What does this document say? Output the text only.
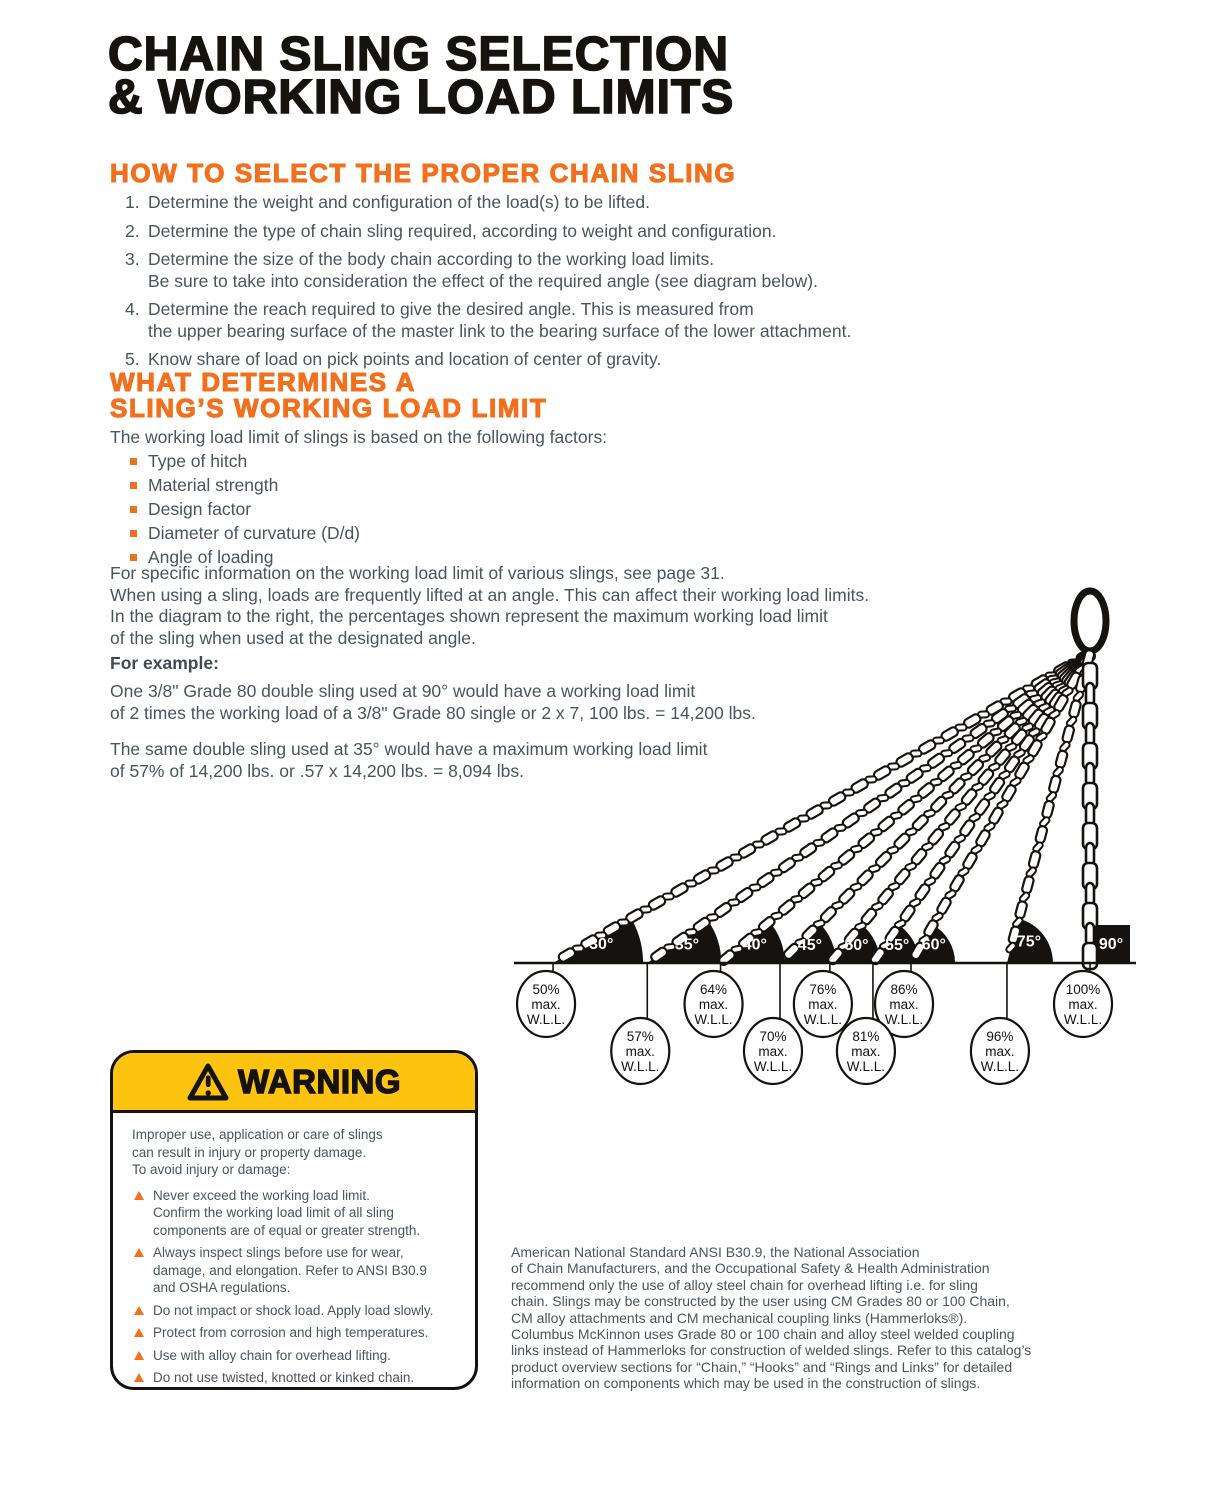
CHAIN SLING SELECTION
& WORKING LOAD LIMITS
HOW TO SELECT THE PROPER CHAIN SLING
1. Determine the weight and configuration of the load(s) to be lifted.
2. Determine the type of chain sling required, according to weight and configuration.
3. Determine the size of the body chain according to the working load limits.
Be sure to take into consideration the effect of the required angle (see diagram below).
4. Determine the reach required to give the desired angle. This is measured from
the upper bearing surface of the master link to the bearing surface of the lower attachment.
5. Know share of load on pick points and location of center of gravity.
WHAT DETERMINES A
SLING’S WORKING LOAD LIMIT
The working load limit of slings is based on the following factors:
Type of hitch
Material strength
Design factor
Diameter of curvature (D/d)
Angle of loading
For specific information on the working load limit of various slings, see page 31.
When using a sling, loads are frequently lifted at an angle. This can affect their working load limits.
In the diagram to the right, the percentages shown represent the maximum working load limit
of the sling when used at the designated angle.
For example:
One 3/8" Grade 80 double sling used at 90° would have a working load limit
of 2 times the working load of a 3/8" Grade 80 single or 2 x 7, 100 lbs. = 14,200 lbs.
The same double sling used at 35° would have a maximum working load limit
of 57% of 14,200 lbs. or .57 x 14,200 lbs. = 8,094 lbs.
30°	35°	40° 45° 50° 55° 60°	75°	90°
50%
max.
W.L.L.
64%
max.
W.L.L.
76%
max.
W.L.L.
86%
max.
W.L.L.
100%
max.
W.L.L.
57%
max.
W.L.L.
70%
max.
W.L.L.
81%
max.
W.L.L.
96%
max.
W.L.L.
WARNING
Improper use, application or care of slings
can result in injury or property damage.
To avoid injury or damage:
Never exceed the working load limit.
Confirm the working load limit of all sling
components are of equal or greater strength.
Always inspect slings before use for wear,
damage, and elongation. Refer to ANSI B30.9
and OSHA regulations.
Do not impact or shock load. Apply load slowly.
Protect from corrosion and high temperatures.
Use with alloy chain for overhead lifting.
Do not use twisted, knotted or kinked chain.
American National Standard ANSI B30.9, the National Association
of Chain Manufacturers, and the Occupational Safety & Health Administration
recommend only the use of alloy steel chain for overhead lifting i.e. for sling
chain. Slings may be constructed by the user using CM Grades 80 or 100 Chain,
CM alloy attachments and CM mechanical coupling links (Hammerloks®).
Columbus McKinnon uses Grade 80 or 100 chain and alloy steel welded coupling
links instead of Hammerloks for construction of welded slings. Refer to this catalog’s
product overview sections for “Chain,” “Hooks” and “Rings and Links” for detailed
information on components which may be used in the construction of slings.
